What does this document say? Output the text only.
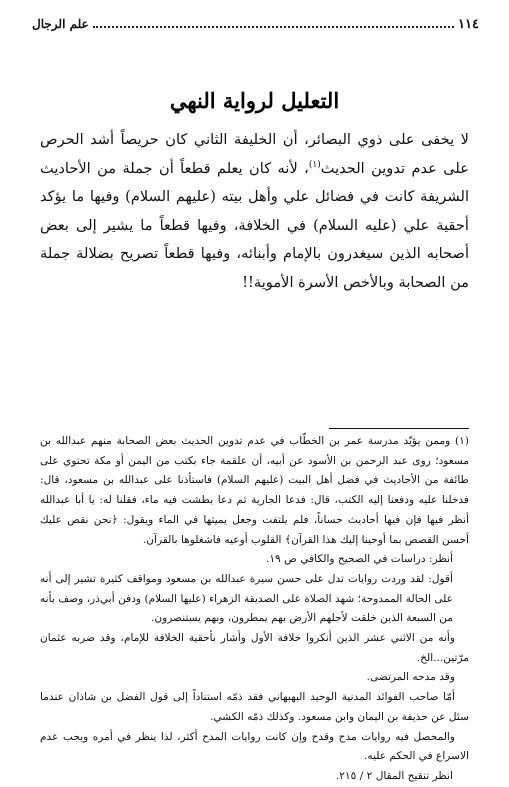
١١٤
علم الرجال
التعليل لرواية النهي

لا يخفى على ذوي البصائر، أن الخليفة الثاني كان حريصاً أشد الحرص على عدم تدوين الحديث$^{(١)}$، لأنه كان يعلم قطعاً أن جملة من الأحاديث الشريفة كانت في فضائل علي وأهل بيته (عليهم السلام) وفيها ما يؤكد أحقية علي (عليه السلام) في الخلافة، وفيها قطعاً ما يشير إلى بعض أصحابه الذين سيغدرون بالإمام وأبنائه، وفيها قطعاً تصريح بضلالة جملة من الصحابة وبالأخص الأسرة الأموية!!

(١) وممن يؤيّد مدرسة عمر بن الخطّاب في عدم تدوين الحديث بعض الصحابة منهم عبدالله بن مسعود؛ روى عبد الرحمن بن الأسود عن أبيه، أن علقمة جاء بكتب من اليمن أو مكة تحتوي على طائفة من الأحاديث في فضل أهل البيت (عليهم السلام) فاستأذنا على عبدالله بن مسعود، قال: فدخلنا عليه ودفعنا إليه الكتب، قال: فدعا الجارية ثم دعا بطشت فيه ماء، فقلنا له: يا أبا عبدالله أنظر فيها فإن فيها أحاديث حساناً، فلم يلتفت وجعل يميثها في الماء ويقول: ﴿نحن نقص عليك أحسن القصص بما أوحينا إليك هذا القرآن﴾ القلوب أوعيه فاشغلوها بالقرآن.

أنظر: دراسات في الصحيح والكافي ص ١٩.

أقول: لقد وردت روايات تدل على حسن سيرة عبدالله بن مسعود ومواقف كثيرة تشير إلى أنه على الحالة الممدوحة؛ شهد الصلاة على الصديقة الزهراء (عليها السلام) ودفن أبي‌ذر، وصف بأنه من السبعة الذين خلقت لأجلهم الأرض بهم يمطرون، وبهم يستنصرون.

وأنه من الاثني عشر الذين أنكروا خلافة الأول وأشار بأحقية الخلافة للإمام، وقد ضربه عثمان مرّتين...الخ.

وقد مدحه المرتضى.

أمّا صاحب الفوائد المدنية الوحيد البهبهاني فقد ذمّه استناداً إلى قول الفضل بن شاذان عندما سئل عن حذيفة بن اليمان وابن مسعود. وكذلك ذمّه الكشي.

والمحصل فيه روايات مدح وقدح وإن كانت روايات المدح أكثر، لذا ينظر في أمره ويجب عدم الاسراع في الحكم عليه.

انظر تنقيح المقال ٢ / ٢١٥.
